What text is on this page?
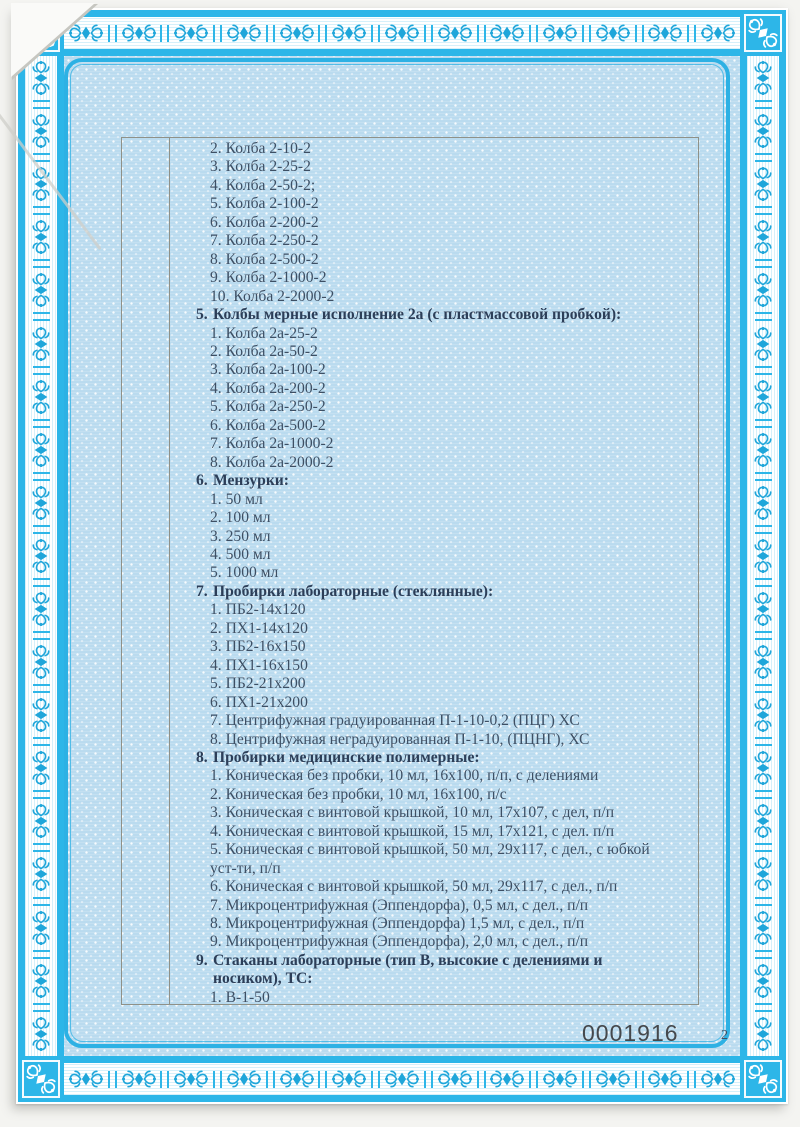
2. Колба 2-10-2
3. Колба 2-25-2
4. Колба 2-50-2;
5. Колба 2-100-2
6. Колба 2-200-2
7. Колба 2-250-2
8. Колба 2-500-2
9. Колба 2-1000-2
10. Колба 2-2000-2
5. Колбы мерные исполнение 2а (с пластмассовой пробкой):
1. Колба 2а-25-2
2. Колба 2а-50-2
3. Колба 2а-100-2
4. Колба 2а-200-2
5. Колба 2а-250-2
6. Колба 2а-500-2
7. Колба 2а-1000-2
8. Колба 2а-2000-2
6. Мензурки:
1. 50 мл
2. 100 мл
3. 250 мл
4. 500 мл
5. 1000 мл
7. Пробирки лабораторные (стеклянные):
1. ПБ2-14х120
2. ПХ1-14х120
3. ПБ2-16х150
4. ПХ1-16х150
5. ПБ2-21х200
6. ПХ1-21х200
7. Центрифужная градуированная П-1-10-0,2 (ПЦГ) ХС
8. Центрифужная неградуированная П-1-10, (ПЦНГ), ХС
8. Пробирки медицинские полимерные:
1. Коническая без пробки, 10 мл, 16х100, п/п, с делениями
2. Коническая без пробки, 10 мл, 16х100, п/с
3. Коническая с винтовой крышкой, 10 мл, 17х107, с дел, п/п
4. Коническая с винтовой крышкой, 15 мл, 17х121, с дел. п/п
5. Коническая с винтовой крышкой, 50 мл, 29х117, с дел., с юбкой уст-ти, п/п
6. Коническая с винтовой крышкой, 50 мл, 29х117, с дел., п/п
7. Микроцентрифужная (Эппендорфа), 0,5 мл, с дел., п/п
8. Микроцентрифужная (Эппендорфа) 1,5 мл, с дел., п/п
9. Микроцентрифужная (Эппендорфа), 2,0 мл, с дел., п/п
9. Стаканы лабораторные (тип В, высокие с делениями и носиком), ТС:
1. В-1-50
0001916	2
